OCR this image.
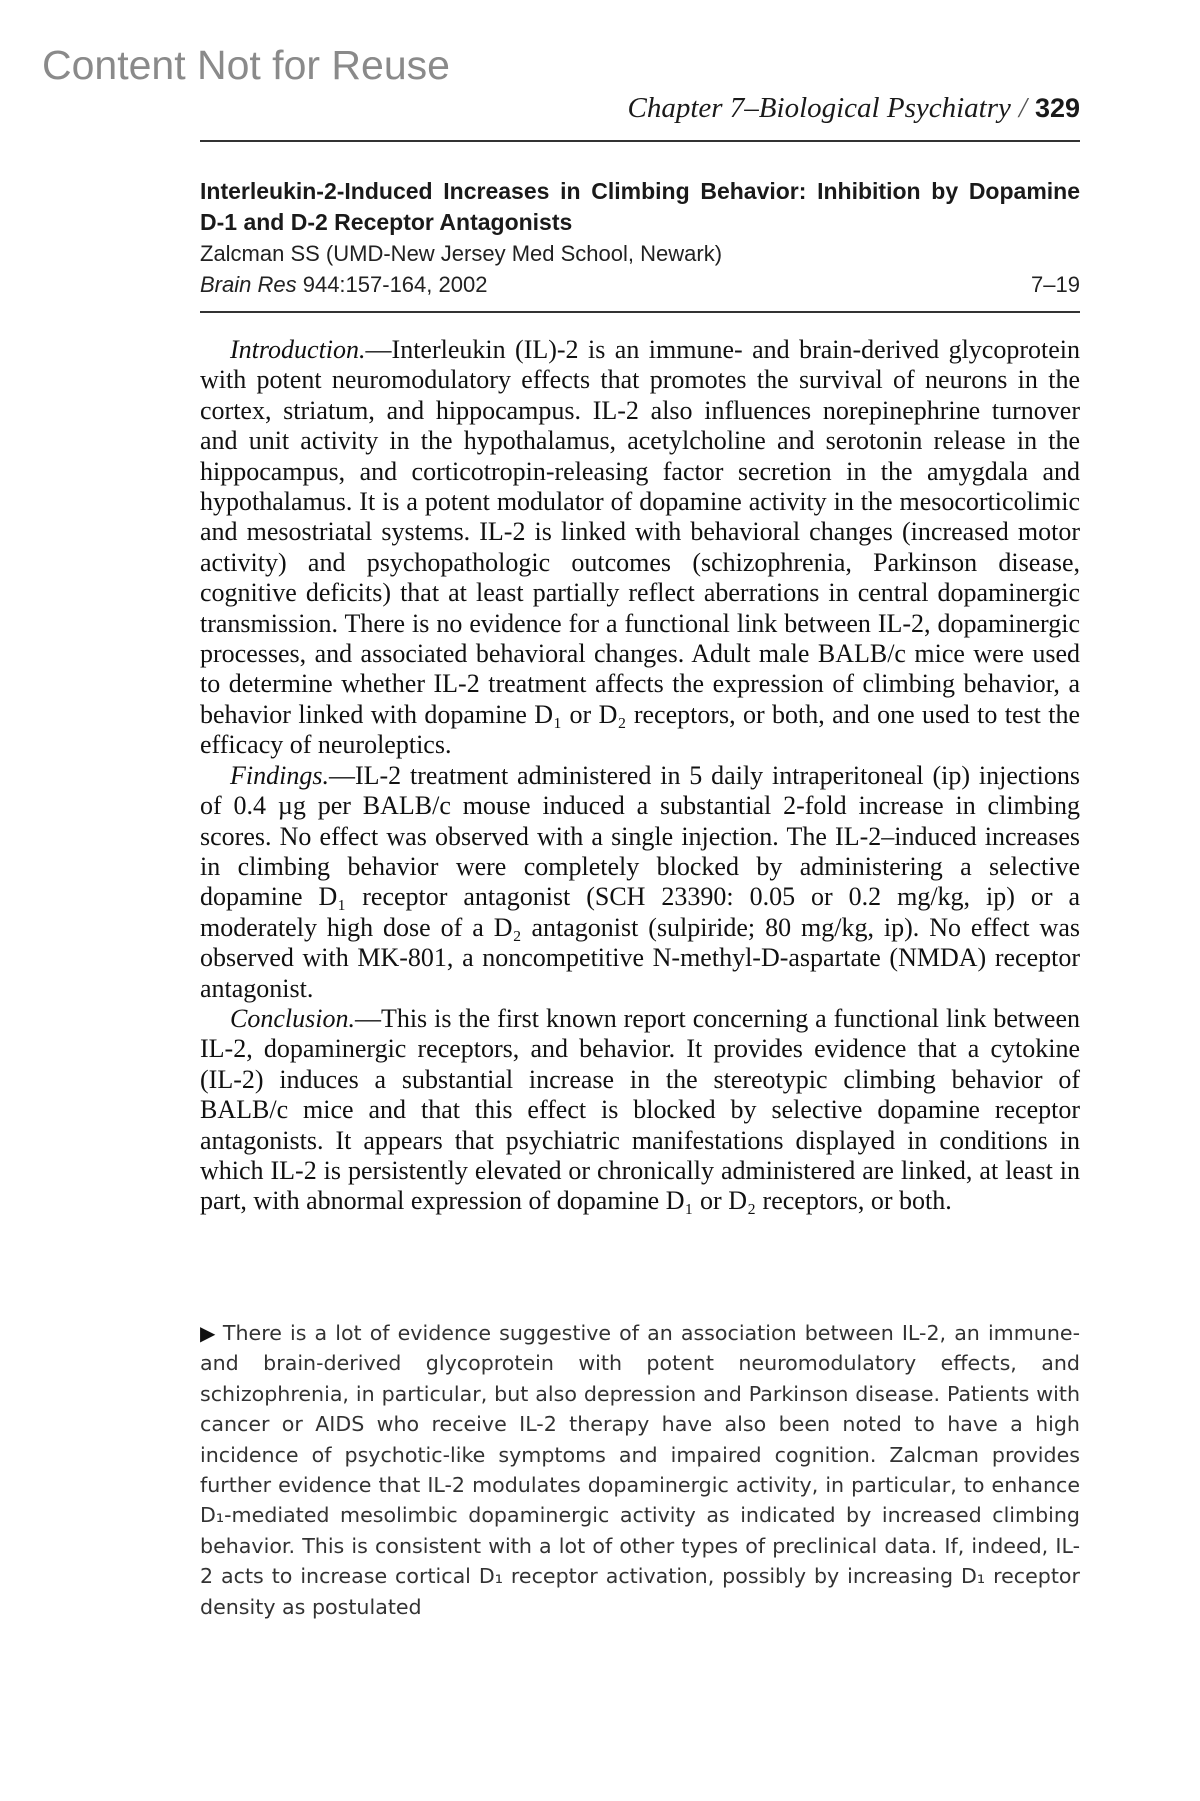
Content Not for Reuse
Chapter 7–Biological Psychiatry / 329

Interleukin-2-Induced Increases in Climbing Behavior: Inhibition by Dopamine D-1 and D-2 Receptor Antagonists

Zalcman SS (UMD-New Jersey Med School, Newark)

Brain Res 944:157-164, 2002	7–19

Introduction.—Interleukin (IL)-2 is an immune- and brain-derived glycoprotein with potent neuromodulatory effects that promotes the survival of neurons in the cortex, striatum, and hippocampus. IL-2 also influences norepinephrine turnover and unit activity in the hypothalamus, acetylcholine and serotonin release in the hippocampus, and corticotropin-releasing factor secretion in the amygdala and hypothalamus. It is a potent modulator of dopamine activity in the mesocorticolimic and mesostriatal systems. IL-2 is linked with behavioral changes (increased motor activity) and psychopathologic outcomes (schizophrenia, Parkinson disease, cognitive deficits) that at least partially reflect aberrations in central dopaminergic transmission. There is no evidence for a functional link between IL-2, dopaminergic processes, and associated behavioral changes. Adult male BALB/c mice were used to determine whether IL-2 treatment affects the expression of climbing behavior, a behavior linked with dopamine D₁ or D₂ receptors, or both, and one used to test the efficacy of neuroleptics.

Findings.—IL-2 treatment administered in 5 daily intraperitoneal (ip) injections of 0.4 µg per BALB/c mouse induced a substantial 2-fold increase in climbing scores. No effect was observed with a single injection. The IL-2–induced increases in climbing behavior were completely blocked by administering a selective dopamine D₁ receptor antagonist (SCH 23390: 0.05 or 0.2 mg/kg, ip) or a moderately high dose of a D₂ antagonist (sulpiride; 80 mg/kg, ip). No effect was observed with MK-801, a noncompetitive N-methyl-D-aspartate (NMDA) receptor antagonist.

Conclusion.—This is the first known report concerning a functional link between IL-2, dopaminergic receptors, and behavior. It provides evidence that a cytokine (IL-2) induces a substantial increase in the stereotypic climbing behavior of BALB/c mice and that this effect is blocked by selective dopamine receptor antagonists. It appears that psychiatric manifestations displayed in conditions in which IL-2 is persistently elevated or chronically administered are linked, at least in part, with abnormal expression of dopamine D₁ or D₂ receptors, or both.

▶ There is a lot of evidence suggestive of an association between IL-2, an immune- and brain-derived glycoprotein with potent neuromodulatory effects, and schizophrenia, in particular, but also depression and Parkinson disease. Patients with cancer or AIDS who receive IL-2 therapy have also been noted to have a high incidence of psychotic-like symptoms and impaired cognition. Zalcman provides further evidence that IL-2 modulates dopaminergic activity, in particular, to enhance D₁-mediated mesolimbic dopaminergic activity as indicated by increased climbing behavior. This is consistent with a lot of other types of preclinical data. If, indeed, IL-2 acts to increase cortical D₁ receptor activation, possibly by increasing D₁ receptor density as postulated
